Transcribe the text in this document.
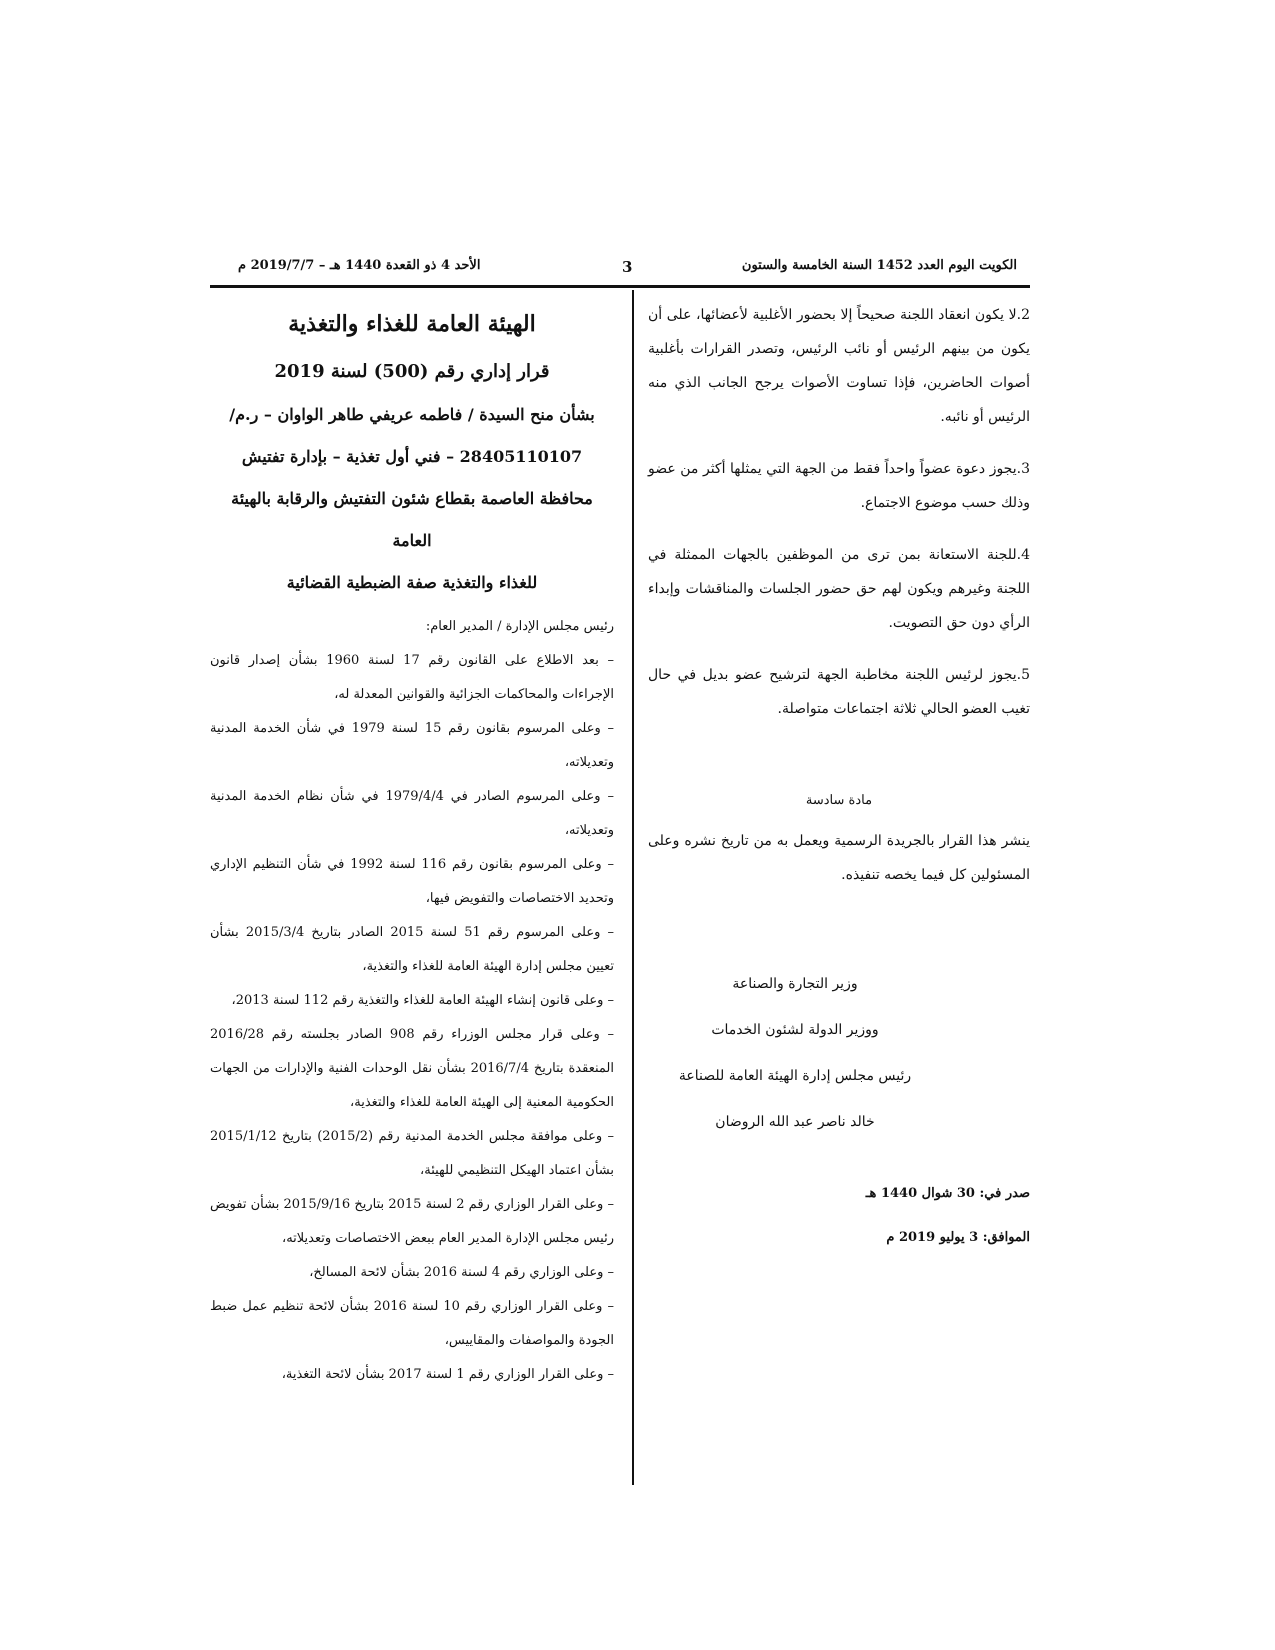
الكويت اليوم العدد 1452 السنة الخامسة والستون
3
الأحد 4 ذو القعدة 1440 هـ – 2019/7/7 م

2.لا يكون انعقاد اللجنة صحيحاً إلا بحضور الأغلبية لأعضائها، على أن يكون من بينهم الرئيس أو نائب الرئيس، وتصدر القرارات بأغلبية أصوات الحاضرين، فإذا تساوت الأصوات يرجح الجانب الذي منه الرئيس أو نائبه.

3.يجوز دعوة عضواً واحداً فقط من الجهة التي يمثلها أكثر من عضو وذلك حسب موضوع الاجتماع.

4.للجنة الاستعانة بمن ترى من الموظفين بالجهات الممثلة في اللجنة وغيرهم ويكون لهم حق حضور الجلسات والمناقشات وإبداء الرأي دون حق التصويت.

5.يجوز لرئيس اللجنة مخاطبة الجهة لترشيح عضو بديل في حال تغيب العضو الحالي ثلاثة اجتماعات متواصلة.

مادة سادسة

ينشر هذا القرار بالجريدة الرسمية ويعمل به من تاريخ نشره وعلى المسئولين كل فيما يخصه تنفيذه.

وزير التجارة والصناعة

ووزير الدولة لشئون الخدمات

رئيس مجلس إدارة الهيئة العامة للصناعة

خالد ناصر عبد الله الروضان

صدر في: 30 شوال 1440 هـ

الموافق: 3 يوليو 2019 م

الهيئة العامة للغذاء والتغذية

قرار إداري رقم (500) لسنة 2019

بشأن منح السيدة / فاطمه عريفي طاهر الواوان – ر.م/

28405110107 – فني أول تغذية – بإدارة تفتيش

محافظة العاصمة بقطاع شئون التفتيش والرقابة بالهيئة العامة

للغذاء والتغذية صفة الضبطية القضائية

رئيس مجلس الإدارة / المدير العام:

– بعد الاطلاع على القانون رقم 17 لسنة 1960 بشأن إصدار قانون الإجراءات والمحاكمات الجزائية والقوانين المعدلة له،

– وعلى المرسوم بقانون رقم 15 لسنة 1979 في شأن الخدمة المدنية وتعديلاته،

– وعلى المرسوم الصادر في 1979/4/4 في شأن نظام الخدمة المدنية وتعديلاته،

– وعلى المرسوم بقانون رقم 116 لسنة 1992 في شأن التنظيم الإداري وتحديد الاختصاصات والتفويض فيها،

– وعلى المرسوم رقم 51 لسنة 2015 الصادر بتاريخ 2015/3/4 بشأن تعيين مجلس إدارة الهيئة العامة للغذاء والتغذية،

– وعلى قانون إنشاء الهيئة العامة للغذاء والتغذية رقم 112 لسنة 2013،

– وعلى قرار مجلس الوزراء رقم 908 الصادر بجلسته رقم 2016/28 المنعقدة بتاريخ 2016/7/4 بشأن نقل الوحدات الفنية والإدارات من الجهات الحكومية المعنية إلى الهيئة العامة للغذاء والتغذية،

– وعلى موافقة مجلس الخدمة المدنية رقم (2015/2) بتاريخ 2015/1/12 بشأن اعتماد الهيكل التنظيمي للهيئة،

– وعلى القرار الوزاري رقم 2 لسنة 2015 بتاريخ 2015/9/16 بشأن تفويض رئيس مجلس الإدارة المدير العام ببعض الاختصاصات وتعديلاته،

– وعلى الوزاري رقم 4 لسنة 2016 بشأن لائحة المسالخ،

– وعلى القرار الوزاري رقم 10 لسنة 2016 بشأن لائحة تنظيم عمل ضبط الجودة والمواصفات والمقاييس،

– وعلى القرار الوزاري رقم 1 لسنة 2017 بشأن لائحة التغذية،
